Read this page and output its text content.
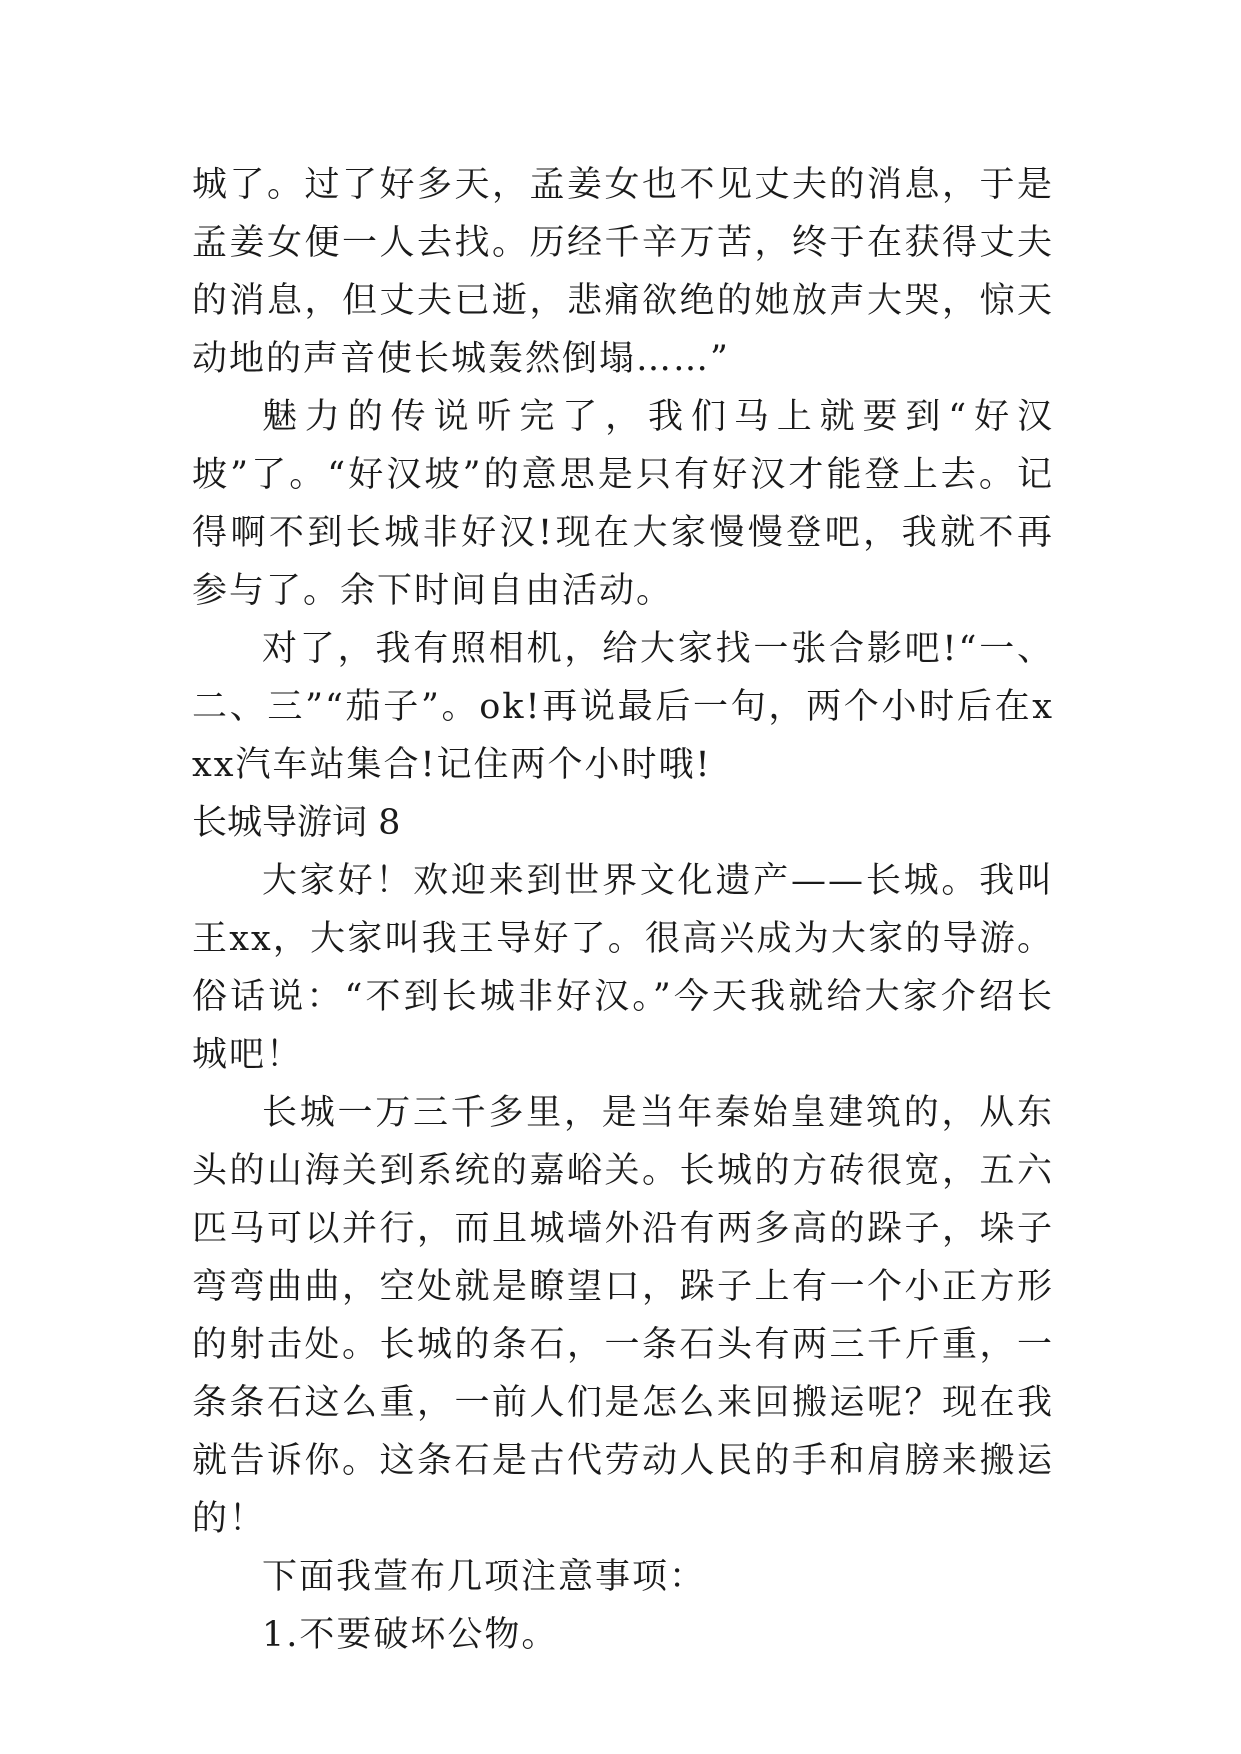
城了。过了好多天，孟姜女也不见丈夫的消息，于是孟姜女便一人去找。历经千辛万苦，终于在获得丈夫的消息，但丈夫已逝，悲痛欲绝的她放声大哭，惊天动地的声音使长城轰然倒塌……”

魅力的传说听完了，我们马上就要到“好汉坡”了。“好汉坡”的意思是只有好汉才能登上去。记得啊不到长城非好汉!现在大家慢慢登吧，我就不再参与了。余下时间自由活动。

对了，我有照相机，给大家找一张合影吧!“一、二、三”“茄子”。ok!再说最后一句，两个小时后在xxx汽车站集合!记住两个小时哦!

长城导游词 8

大家好！欢迎来到世界文化遗产——长城。我叫王xx，大家叫我王导好了。很高兴成为大家的导游。俗话说：“不到长城非好汉。”今天我就给大家介绍长城吧！

长城一万三千多里，是当年秦始皇建筑的，从东头的山海关到系统的嘉峪关。长城的方砖很宽，五六匹马可以并行，而且城墙外沿有两多高的跺子，垛子弯弯曲曲，空处就是瞭望口，跺子上有一个小正方形的射击处。长城的条石，一条石头有两三千斤重，一条条石这么重，一前人们是怎么来回搬运呢？现在我就告诉你。这条石是古代劳动人民的手和肩膀来搬运的！

下面我萱布几项注意事项：

1.不要破坏公物。
